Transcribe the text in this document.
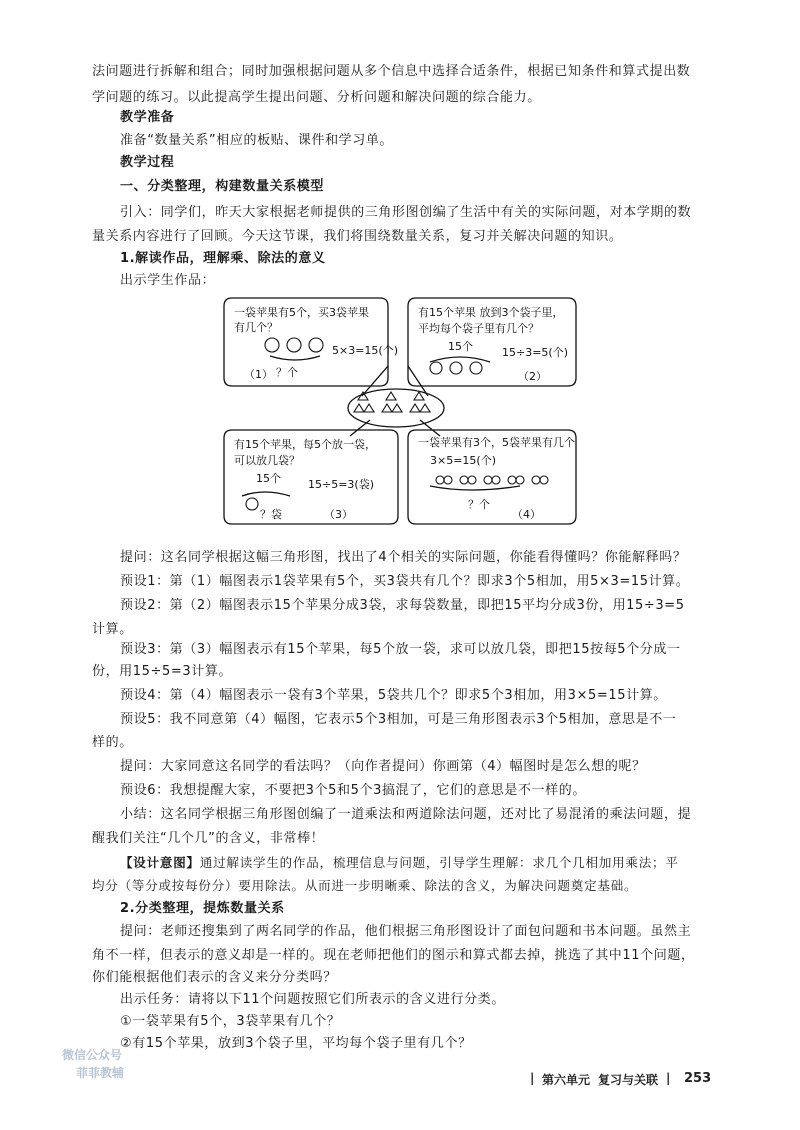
法问题进行拆解和组合；同时加强根据问题从多个信息中选择合适条件，根据已知条件和算式提出数
学问题的练习。以此提高学生提出问题、分析问题和解决问题的综合能力。
教学准备
准备“数量关系”相应的板贴、课件和学习单。
教学过程
一、分类整理，构建数量关系模型
引入：同学们，昨天大家根据老师提供的三角形图创编了生活中有关的实际问题，对本学期的数
量关系内容进行了回顾。今天这节课，我们将围绕数量关系，复习并关解决问题的知识。
1.解读作品，理解乘、除法的意义
出示学生作品：
一袋苹果有5个，买3袋苹果
有几个？
5×3=15(个)
？个
（1）
有15个苹果 放到3个袋子里，
平均每个袋子里有几个？
15个	15÷3=5(个)
（2）
有15个苹果，每5个放一袋，
可以放几袋？
15个 15÷5=3(袋)
？袋	（3）
一袋苹果有3个，5袋苹果有几个
3×5=15(个)
？个
（4）
提问：这名同学根据这幅三角形图，找出了4个相关的实际问题，你能看得懂吗？你能解释吗？
预设1：第（1）幅图表示1袋苹果有5个，买3袋共有几个？即求3个5相加，用5×3=15计算。
预设2：第（2）幅图表示15个苹果分成3袋，求每袋数量，即把15平均分成3份，用15÷3=5
计算。
预设3：第（3）幅图表示有15个苹果，每5个放一袋，求可以放几袋，即把15按每5个分成一
份，用15÷5=3计算。
预设4：第（4）幅图表示一袋有3个苹果，5袋共几个？即求5个3相加，用3×5=15计算。
预设5：我不同意第（4）幅图，它表示5个3相加，可是三角形图表示3个5相加，意思是不一
样的。
提问：大家同意这名同学的看法吗？（向作者提问）你画第（4）幅图时是怎么想的呢？
预设6：我想提醒大家，不要把3个5和5个3搞混了，它们的意思是不一样的。
小结：这名同学根据三角形图创编了一道乘法和两道除法问题，还对比了易混淆的乘法问题，提
醒我们关注“几个几”的含义，非常棒！
【设计意图】通过解读学生的作品，梳理信息与问题，引导学生理解：求几个几相加用乘法；平
均分（等分或按每份分）要用除法。从而进一步明晰乘、除法的含义，为解决问题奠定基础。
2.分类整理，提炼数量关系
提问：老师还搜集到了两名同学的作品，他们根据三角形图设计了面包问题和书本问题。虽然主
角不一样，但表示的意义却是一样的。现在老师把他们的图示和算式都去掉，挑选了其中11个问题，
你们能根据他们表示的含义来分分类吗？
出示任务：请将以下11个问题按照它们所表示的含义进行分类。
①一袋苹果有5个，3袋苹果有几个？
②有15个苹果，放到3个袋子里，平均每个袋子里有几个？
微信公众号
菲菲教辅	| 第六单元 复习与关联 | 253
